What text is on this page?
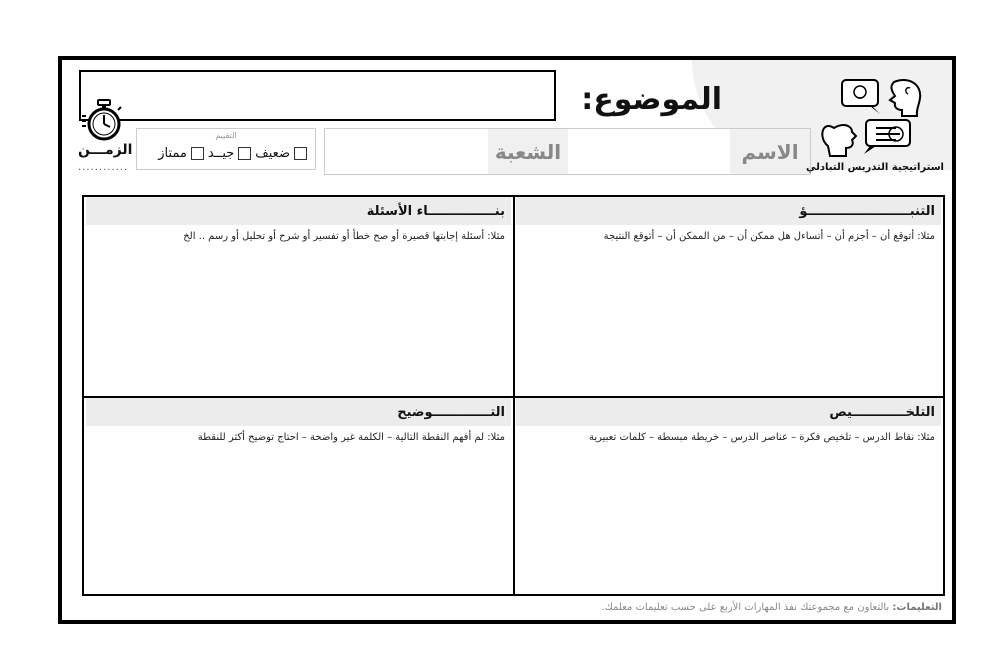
الموضوع:
الاسم
الشعبة
التقييم
ضعيف
جيــد
ممتاز
الزمـــن
............	استراتيجية التدريس التبادلي
التنبـــــــــــــــــــــــؤ
مثلا: أتوقع أن – أجزم أن – أتساءل هل ممكن أن – من الممكن أن – أتوقع النتيجة
بنـــــــــــــــاء الأسئلة
مثلا: أسئلة إجابتها قصيرة أو صح خطأ أو تفسير أو شرح أو تحليل أو رسم .. الخ
التلخــــــــــــيص
مثلا: نقاط الدرس – تلخيص فكرة – عناصر الدرس – خريطة مبسطة – كلمات تعبيرية
التـــــــــــــوضيح
مثلا: لم أفهم النقطة التالية – الكلمة غير واضحة – احتاج توضيح أكثر للنقطة
التعليمات: بالتعاون مع مجموعتك نفذ المهارات الأربع على حسب تعليمات معلمك.
